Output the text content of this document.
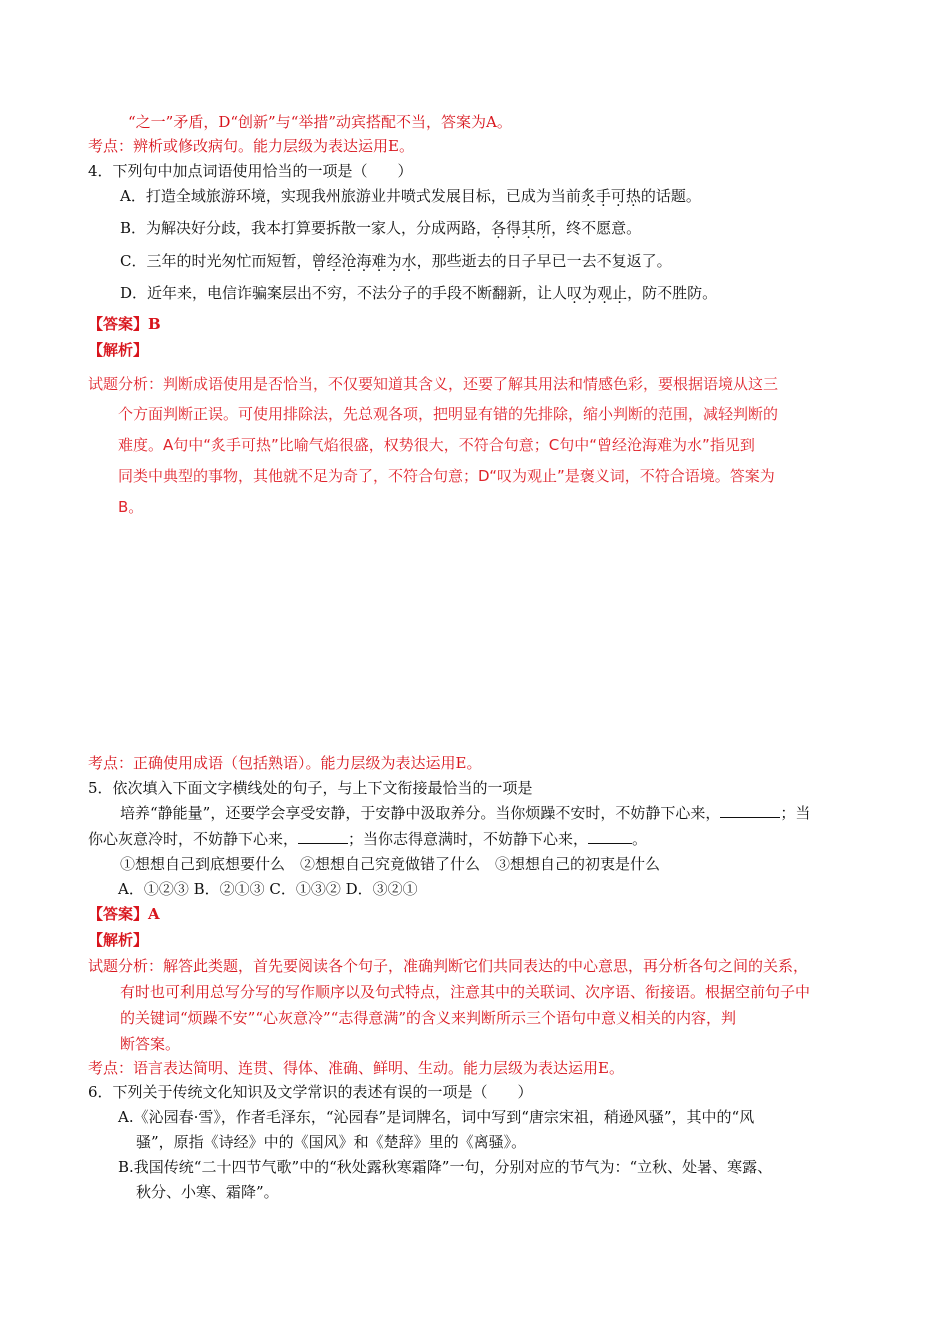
“之一”矛盾，D“创新”与“举措”动宾搭配不当，答案为A。
考点：辨析或修改病句。能力层级为表达运用E。
4．下列句中加点词语使用恰当的一项是（　　）
A．打造全域旅游环境，实现我州旅游业井喷式发展目标，已成为当前炙手可热的话题。
B．为解决好分歧，我本打算要拆散一家人，分成两路，各得其所，终不愿意。
C．三年的时光匆忙而短暂，曾经沧海难为水，那些逝去的日子早已一去不复返了。
D．近年来，电信诈骗案层出不穷，不法分子的手段不断翻新，让人叹为观止，防不胜防。
【答案】B
【解析】
试题分析：判断成语使用是否恰当，不仅要知道其含义，还要了解其用法和情感色彩，要根据语境从这三
个方面判断正误。可使用排除法，先总观各项，把明显有错的先排除，缩小判断的范围，减轻判断的
难度。A句中“炙手可热”比喻气焰很盛，权势很大，不符合句意；C句中“曾经沧海难为水”指见到
同类中典型的事物，其他就不足为奇了，不符合句意；D“叹为观止”是褒义词，不符合语境。答案为
B。
考点：正确使用成语（包括熟语）。能力层级为表达运用E。
5．依次填入下面文字横线处的句子，与上下文衔接最恰当的一项是
培养“静能量”，还要学会享受安静，于安静中汲取养分。当你烦躁不安时，不妨静下心来，	；当
你心灰意冷时，不妨静下心来，	；当你志得意满时，不妨静下心来，	。
①想想自己到底想要什么　②想想自己究竟做错了什么　③想想自己的初衷是什么
A．①②③ B．②①③ C．①③② D．③②①
【答案】A
【解析】
试题分析：解答此类题，首先要阅读各个句子，准确判断它们共同表达的中心意思，再分析各句之间的关系，
有时也可利用总写分写的写作顺序以及句式特点，注意其中的关联词、次序语、衔接语。根据空前句子中
的关键词“烦躁不安”“心灰意冷”“志得意满”的含义来判断所示三个语句中意义相关的内容，判
断答案。
考点：语言表达简明、连贯、得体、准确、鲜明、生动。能力层级为表达运用E。
6．下列关于传统文化知识及文学常识的表述有误的一项是（　　）
A.《沁园春·雪》，作者毛泽东，“沁园春”是词牌名，词中写到“唐宗宋祖，稍逊风骚”，其中的“风
骚”，原指《诗经》中的《国风》和《楚辞》里的《离骚》。
B.我国传统“二十四节气歌”中的“秋处露秋寒霜降”一句，分别对应的节气为：“立秋、处暑、寒露、
秋分、小寒、霜降”。
